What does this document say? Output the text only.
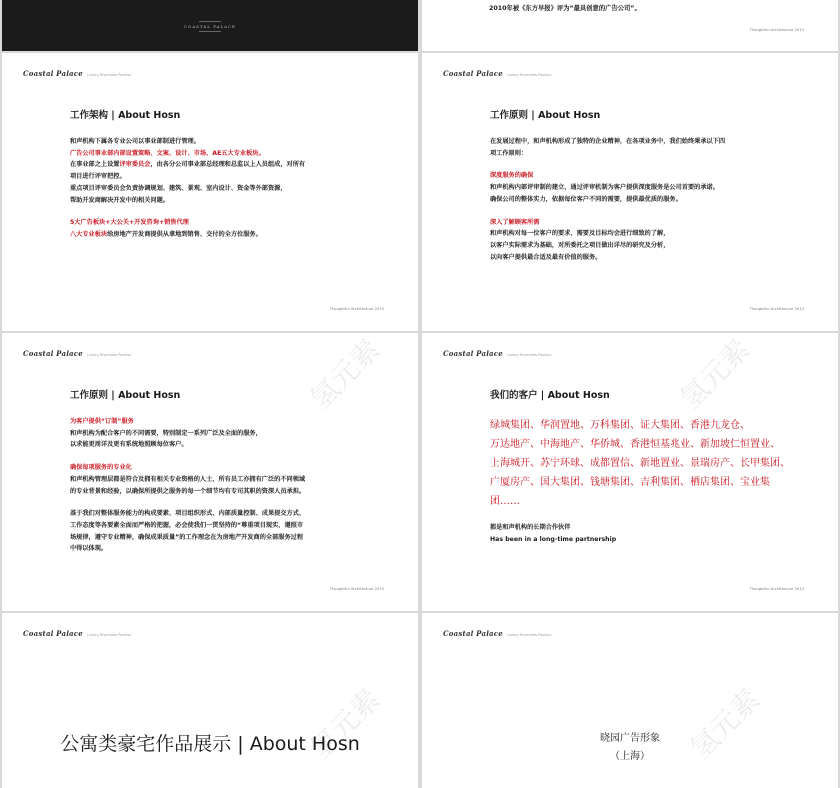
COASTAL PALACE
2010年被《东方早报》评为“最具创意的广告公司”。
Thoughtful Architecture 2013
Coastal Palace Luxury Riverview Pavilion
工作架构 | About Hosn
和声机构下属各专业公司以事业部制进行管理。
广告公司事业部内部设置策略、文案、设计、市场、AE五大专业板块。
在事业部之上设置评审委员会，由各分公司事业部总经理和总监以上人员组成，对所有
项目进行评审把控。
重点项目评审委员会负责协调规划、建筑、景观、室内设计、资金等外部资源，
帮助开发商解决开发中的相关问题。
5大广告板块+大公关+开发咨询+销售代理
八大专业板块给房地产开发商提供从拿地到销售、交付的全方位服务。
Thoughtful Architecture 2013
Coastal Palace Luxury Riverview Pavilion
工作原则 | About Hosn
在发展过程中，和声机构形成了独特的企业精神，在各项业务中，我们始终秉承以下四
项工作原则：
深度服务的确保
和声机构内部评审制的建立，通过评审机制为客户提供深度服务是公司首要的承诺。
确保公司的整体实力，依据每位客户不同的需要，提供最优质的服务。
深入了解顾客所需
和声机构对每一位客户的要求、需要及目标均会进行细致的了解，
以客户实际需求为基础，对所委托之项目做出详尽的研究及分析，
以向客户提供最合适及最有价值的服务。
Thoughtful Architecture 2013
Coastal Palace Luxury Riverview Pavilion	氢元素
工作原则 | About Hosn
为客户提供“订制”服务
和声机构为配合客户的不同需要，特别制定一系列广泛及全面的服务，
以求能更周详及更有系统地照顾每位客户。
确保每项服务的专业化
和声机构管理层都是符合及拥有相关专业资格的人士，所有员工亦拥有广泛的不同领域
的专业背景和经验，以确保所提供之服务的每一个细节均有专司其职的资深人员承担。
基于我们对整体服务能力的构成要素、项目组织形式、内部质量控制、成果提交方式、
工作态度等各要素全面而严格的把握，必会使我们一贯坚持的“尊重项目现实，遵照市
场规律，遵守专业精神，确保成果质量”的工作理念在为房地产开发商的全部服务过程
中得以体现。
Thoughtful Architecture 2013
Coastal Palace Luxury Riverview Pavilion	氢元素
我们的客户 | About Hosn
绿城集团、华润置地、万科集团、证大集团、香港九龙仓、
万达地产、中海地产、华侨城、香港恒基兆业、新加坡仁恒置业、
上海城开、苏宁环球、成都置信、新地置业、景瑞房产、长甲集团、
广厦房产、国大集团、钱塘集团、吉利集团、栖店集团、宝业集
团……
都是和声机构的长期合作伙伴
Has been in a long-time partnership
Thoughtful Architecture 2013
Coastal Palace Luxury Riverview Pavilion
氢元素
公寓类豪宅作品展示 | About Hosn
Coastal Palace Luxury Riverview Pavilion
氢元素
晓园广告形象
（上海）
